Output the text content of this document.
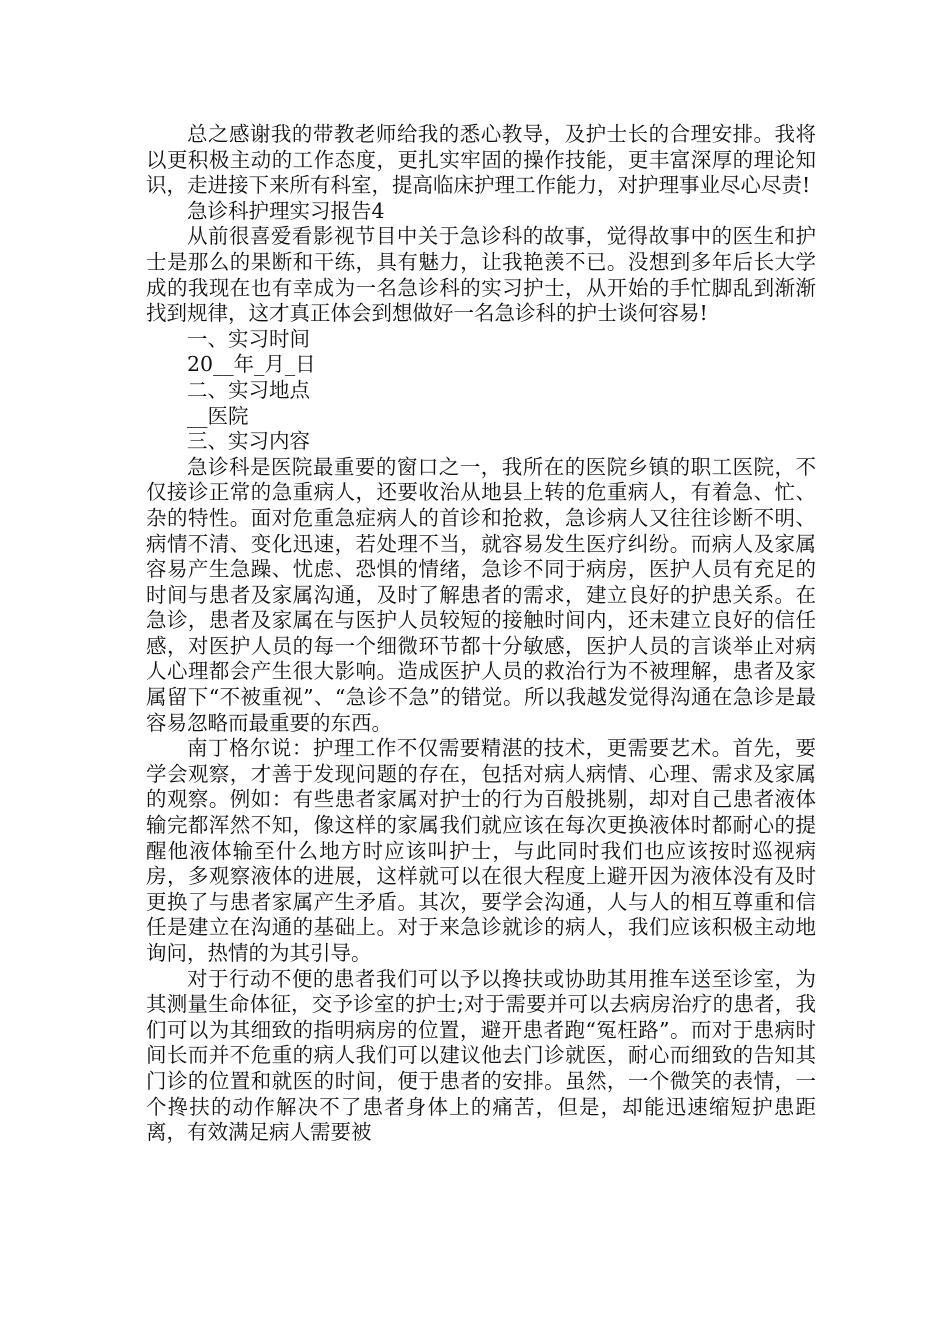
总之感谢我的带教老师给我的悉心教导，及护士长的合理安排。我将以更积极主动的工作态度，更扎实牢固的操作技能，更丰富深厚的理论知识，走进接下来所有科室，提高临床护理工作能力，对护理事业尽心尽责!

急诊科护理实习报告4

从前很喜爱看影视节目中关于急诊科的故事，觉得故事中的医生和护士是那么的果断和干练，具有魅力，让我艳羡不已。没想到多年后长大学成的我现在也有幸成为一名急诊科的实习护士，从开始的手忙脚乱到渐渐找到规律，这才真正体会到想做好一名急诊科的护士谈何容易!

一、实习时间

20__年_月_日

二、实习地点

__医院

三、实习内容

急诊科是医院最重要的窗口之一，我所在的医院乡镇的职工医院，不仅接诊正常的急重病人，还要收治从地县上转的危重病人，有着急、忙、杂的特性。面对危重急症病人的首诊和抢救，急诊病人又往往诊断不明、病情不清、变化迅速，若处理不当，就容易发生医疗纠纷。而病人及家属容易产生急躁、忧虑、恐惧的情绪，急诊不同于病房，医护人员有充足的时间与患者及家属沟通，及时了解患者的需求，建立良好的护患关系。在急诊，患者及家属在与医护人员较短的接触时间内，还未建立良好的信任感，对医护人员的每一个细微环节都十分敏感，医护人员的言谈举止对病人心理都会产生很大影响。造成医护人员的救治行为不被理解，患者及家属留下“不被重视”、“急诊不急”的错觉。所以我越发觉得沟通在急诊是最容易忽略而最重要的东西。

南丁格尔说：护理工作不仅需要精湛的技术，更需要艺术。首先，要学会观察，才善于发现问题的存在，包括对病人病情、心理、需求及家属的观察。例如：有些患者家属对护士的行为百般挑剔，却对自己患者液体输完都浑然不知，像这样的家属我们就应该在每次更换液体时都耐心的提醒他液体输至什么地方时应该叫护士，与此同时我们也应该按时巡视病房，多观察液体的进展，这样就可以在很大程度上避开因为液体没有及时更换了与患者家属产生矛盾。其次，要学会沟通，人与人的相互尊重和信任是建立在沟通的基础上。对于来急诊就诊的病人，我们应该积极主动地询问，热情的为其引导。

对于行动不便的患者我们可以予以搀扶或协助其用推车送至诊室，为其测量生命体征，交予诊室的护士;对于需要并可以去病房治疗的患者，我们可以为其细致的指明病房的位置，避开患者跑“冤枉路”。而对于患病时间长而并不危重的病人我们可以建议他去门诊就医，耐心而细致的告知其门诊的位置和就医的时间，便于患者的安排。虽然，一个微笑的表情，一个搀扶的动作解决不了患者身体上的痛苦，但是，却能迅速缩短护患距离，有效满足病人需要被
